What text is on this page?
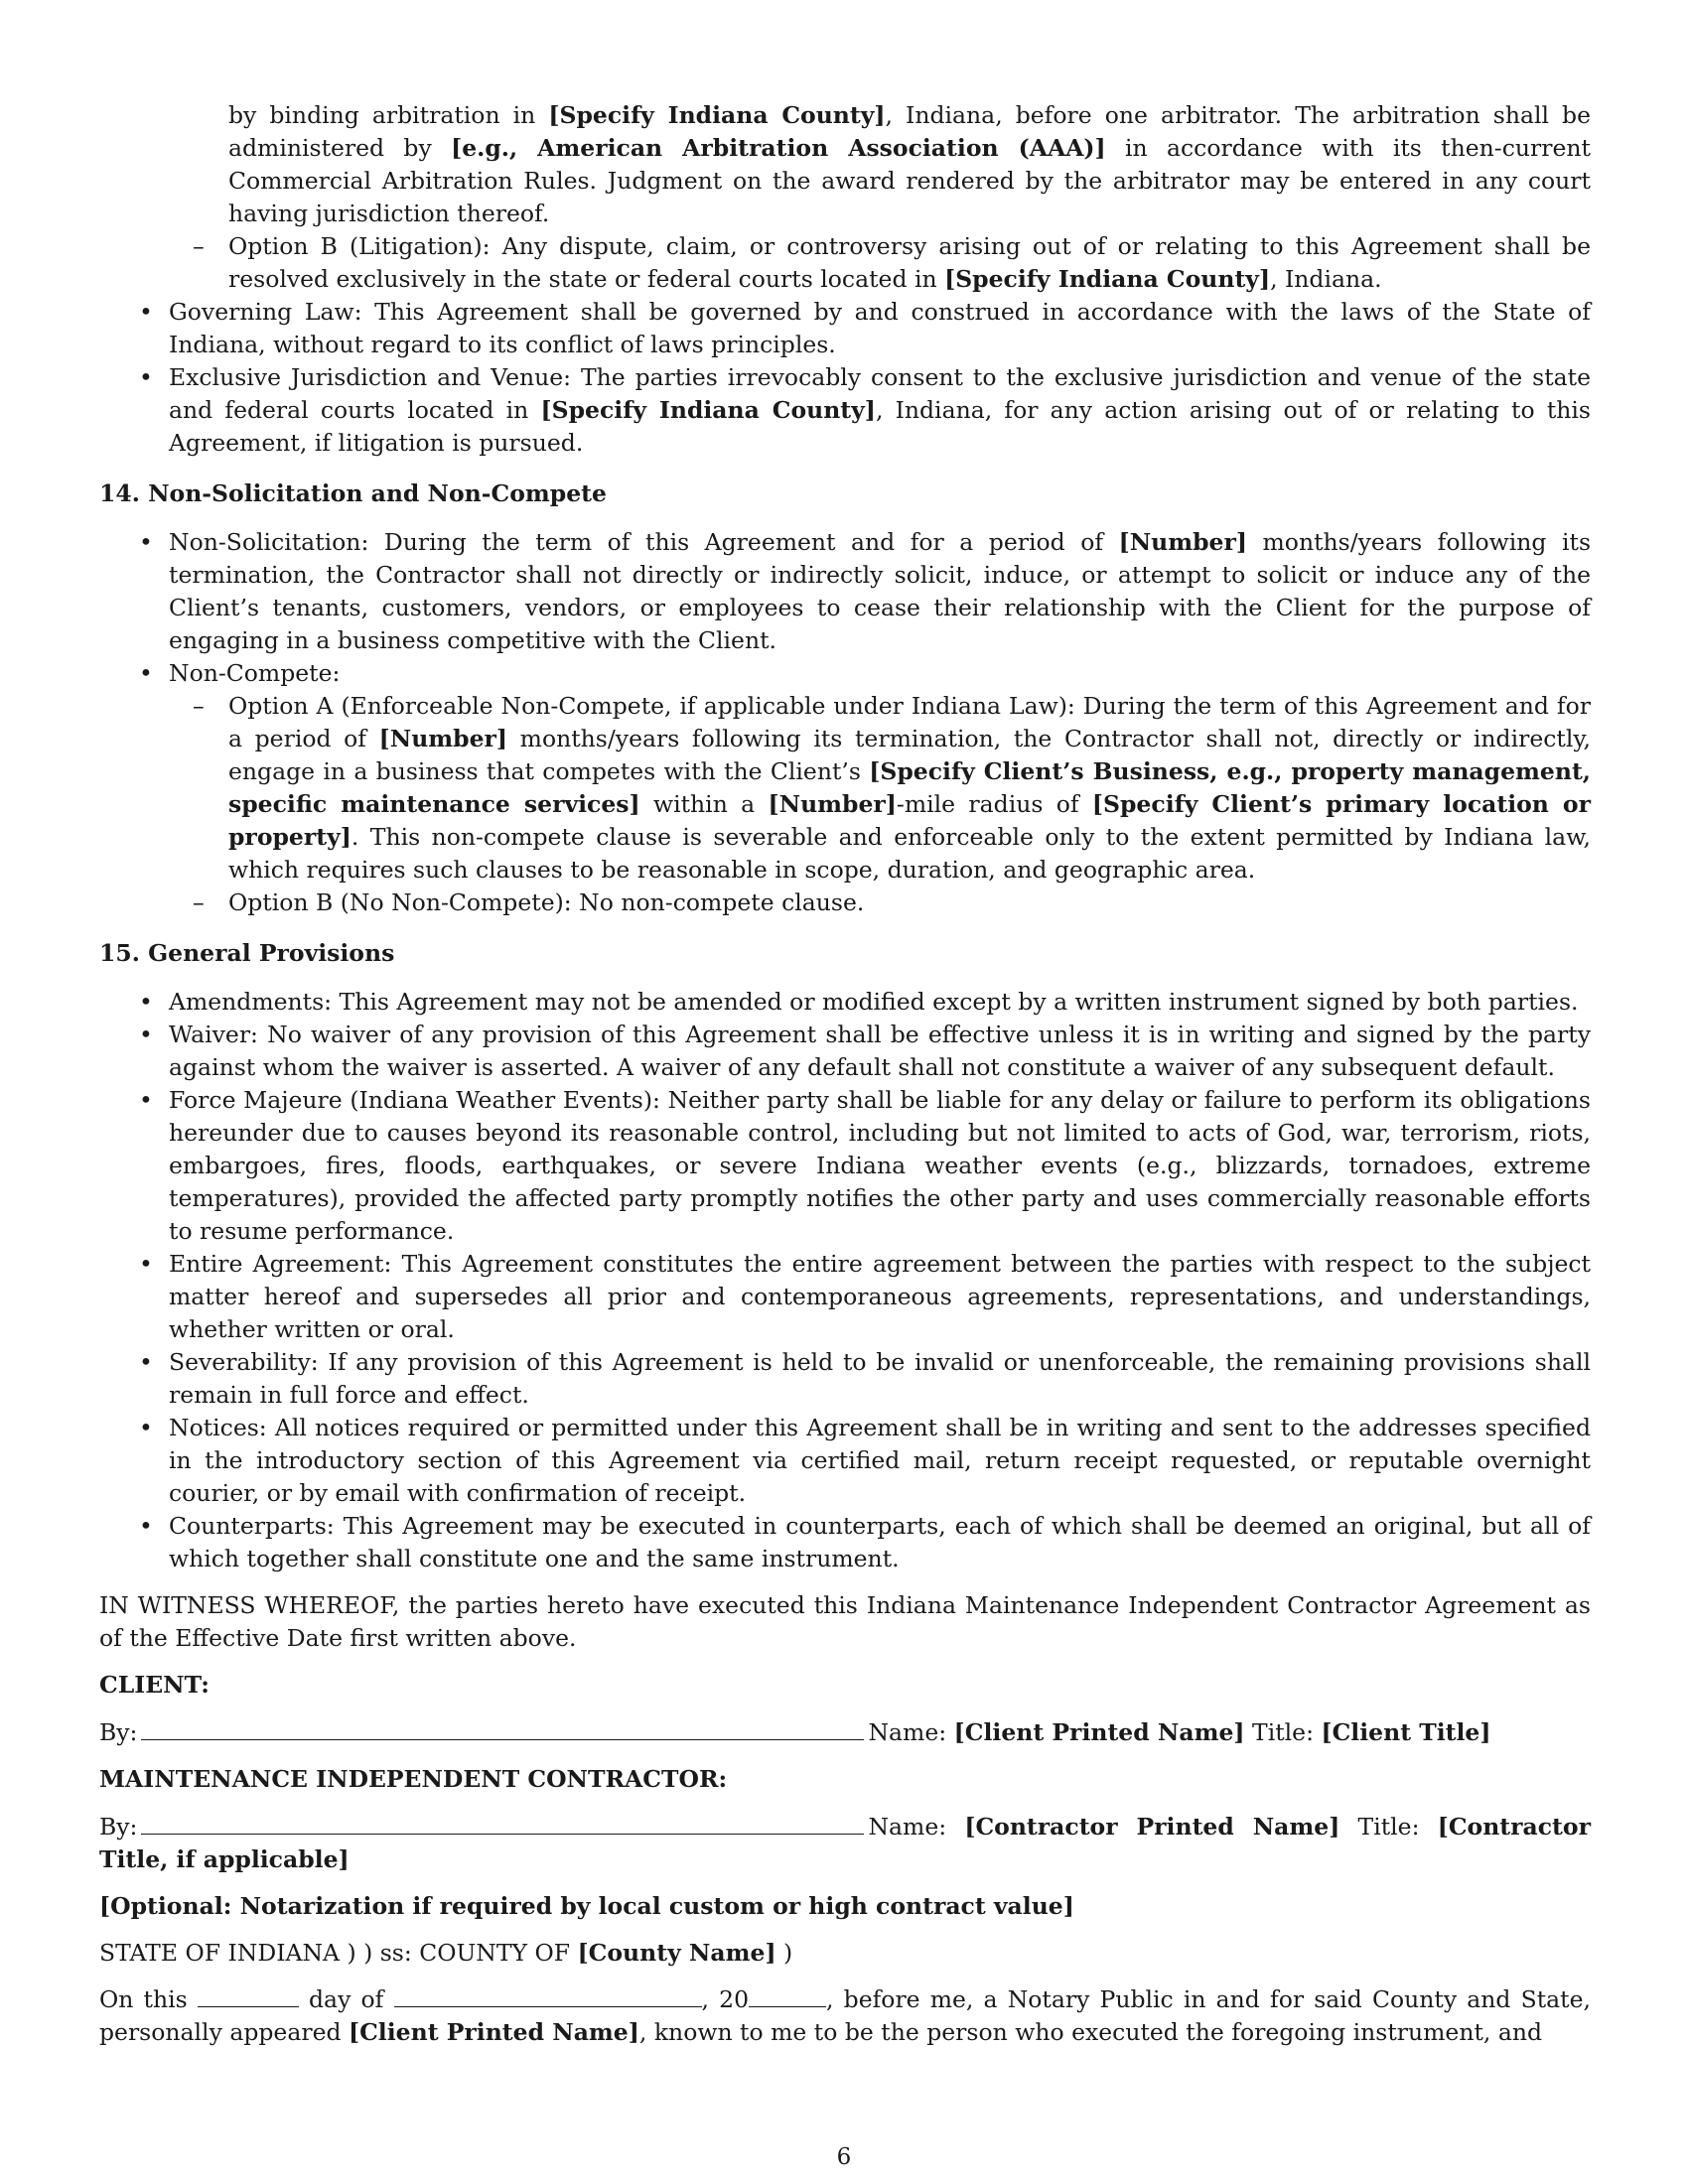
by binding arbitration in [Specify Indiana County], Indiana, before one arbitrator. The arbitration shall be administered by [e.g., American Arbitration Association (AAA)] in accordance with its then-current Commercial Arbitration Rules. Judgment on the award rendered by the arbitrator may be entered in any court having jurisdiction thereof.

– Option B (Litigation): Any dispute, claim, or controversy arising out of or relating to this Agreement shall be resolved exclusively in the state or federal courts located in [Specify Indiana County], Indiana.

• Governing Law: This Agreement shall be governed by and construed in accordance with the laws of the State of Indiana, without regard to its conflict of laws principles.

• Exclusive Jurisdiction and Venue: The parties irrevocably consent to the exclusive jurisdiction and venue of the state and federal courts located in [Specify Indiana County], Indiana, for any action arising out of or relating to this Agreement, if litigation is pursued.

14. Non-Solicitation and Non-Compete

• Non-Solicitation: During the term of this Agreement and for a period of [Number] months/years following its termination, the Contractor shall not directly or indirectly solicit, induce, or attempt to solicit or induce any of the Client’s tenants, customers, vendors, or employees to cease their relationship with the Client for the purpose of engaging in a business competitive with the Client.

• Non-Compete:

– Option A (Enforceable Non-Compete, if applicable under Indiana Law): During the term of this Agreement and for a period of [Number] months/years following its termination, the Contractor shall not, directly or indirectly, engage in a business that competes with the Client’s [Specify Client’s Business, e.g., property management, specific maintenance services] within a [Number]-mile radius of [Specify Client’s primary location or property]. This non-compete clause is severable and enforceable only to the extent permitted by Indiana law, which requires such clauses to be reasonable in scope, duration, and geographic area.

– Option B (No Non-Compete): No non-compete clause.

15. General Provisions

• Amendments: This Agreement may not be amended or modified except by a written instrument signed by both parties.

• Waiver: No waiver of any provision of this Agreement shall be effective unless it is in writing and signed by the party against whom the waiver is asserted. A waiver of any default shall not constitute a waiver of any subsequent default.

• Force Majeure (Indiana Weather Events): Neither party shall be liable for any delay or failure to perform its obligations hereunder due to causes beyond its reasonable control, including but not limited to acts of God, war, terrorism, riots, embargoes, fires, floods, earthquakes, or severe Indiana weather events (e.g., blizzards, tornadoes, extreme temperatures), provided the affected party promptly notifies the other party and uses commercially reasonable efforts to resume performance.

• Entire Agreement: This Agreement constitutes the entire agreement between the parties with respect to the subject matter hereof and supersedes all prior and contemporaneous agreements, representations, and understandings, whether written or oral.

• Severability: If any provision of this Agreement is held to be invalid or unenforceable, the remaining provisions shall remain in full force and effect.

• Notices: All notices required or permitted under this Agreement shall be in writing and sent to the addresses specified in the introductory section of this Agreement via certified mail, return receipt requested, or reputable overnight courier, or by email with confirmation of receipt.

• Counterparts: This Agreement may be executed in counterparts, each of which shall be deemed an original, but all of which together shall constitute one and the same instrument.

IN WITNESS WHEREOF, the parties hereto have executed this Indiana Maintenance Independent Contractor Agreement as of the Effective Date first written above.

CLIENT:

By:	Name: [Client Printed Name] Title: [Client Title]

MAINTENANCE INDEPENDENT CONTRACTOR:

By:	Name: [Contractor Printed Name] Title: [Contractor Title, if applicable]

[Optional: Notarization if required by local custom or high contract value]

STATE OF INDIANA ) ) ss: COUNTY OF [County Name] )

On this	day of	, 20	, before me, a Notary Public in and for said County and State, personally appeared [Client Printed Name], known to me to be the person who executed the foregoing instrument, and

6
